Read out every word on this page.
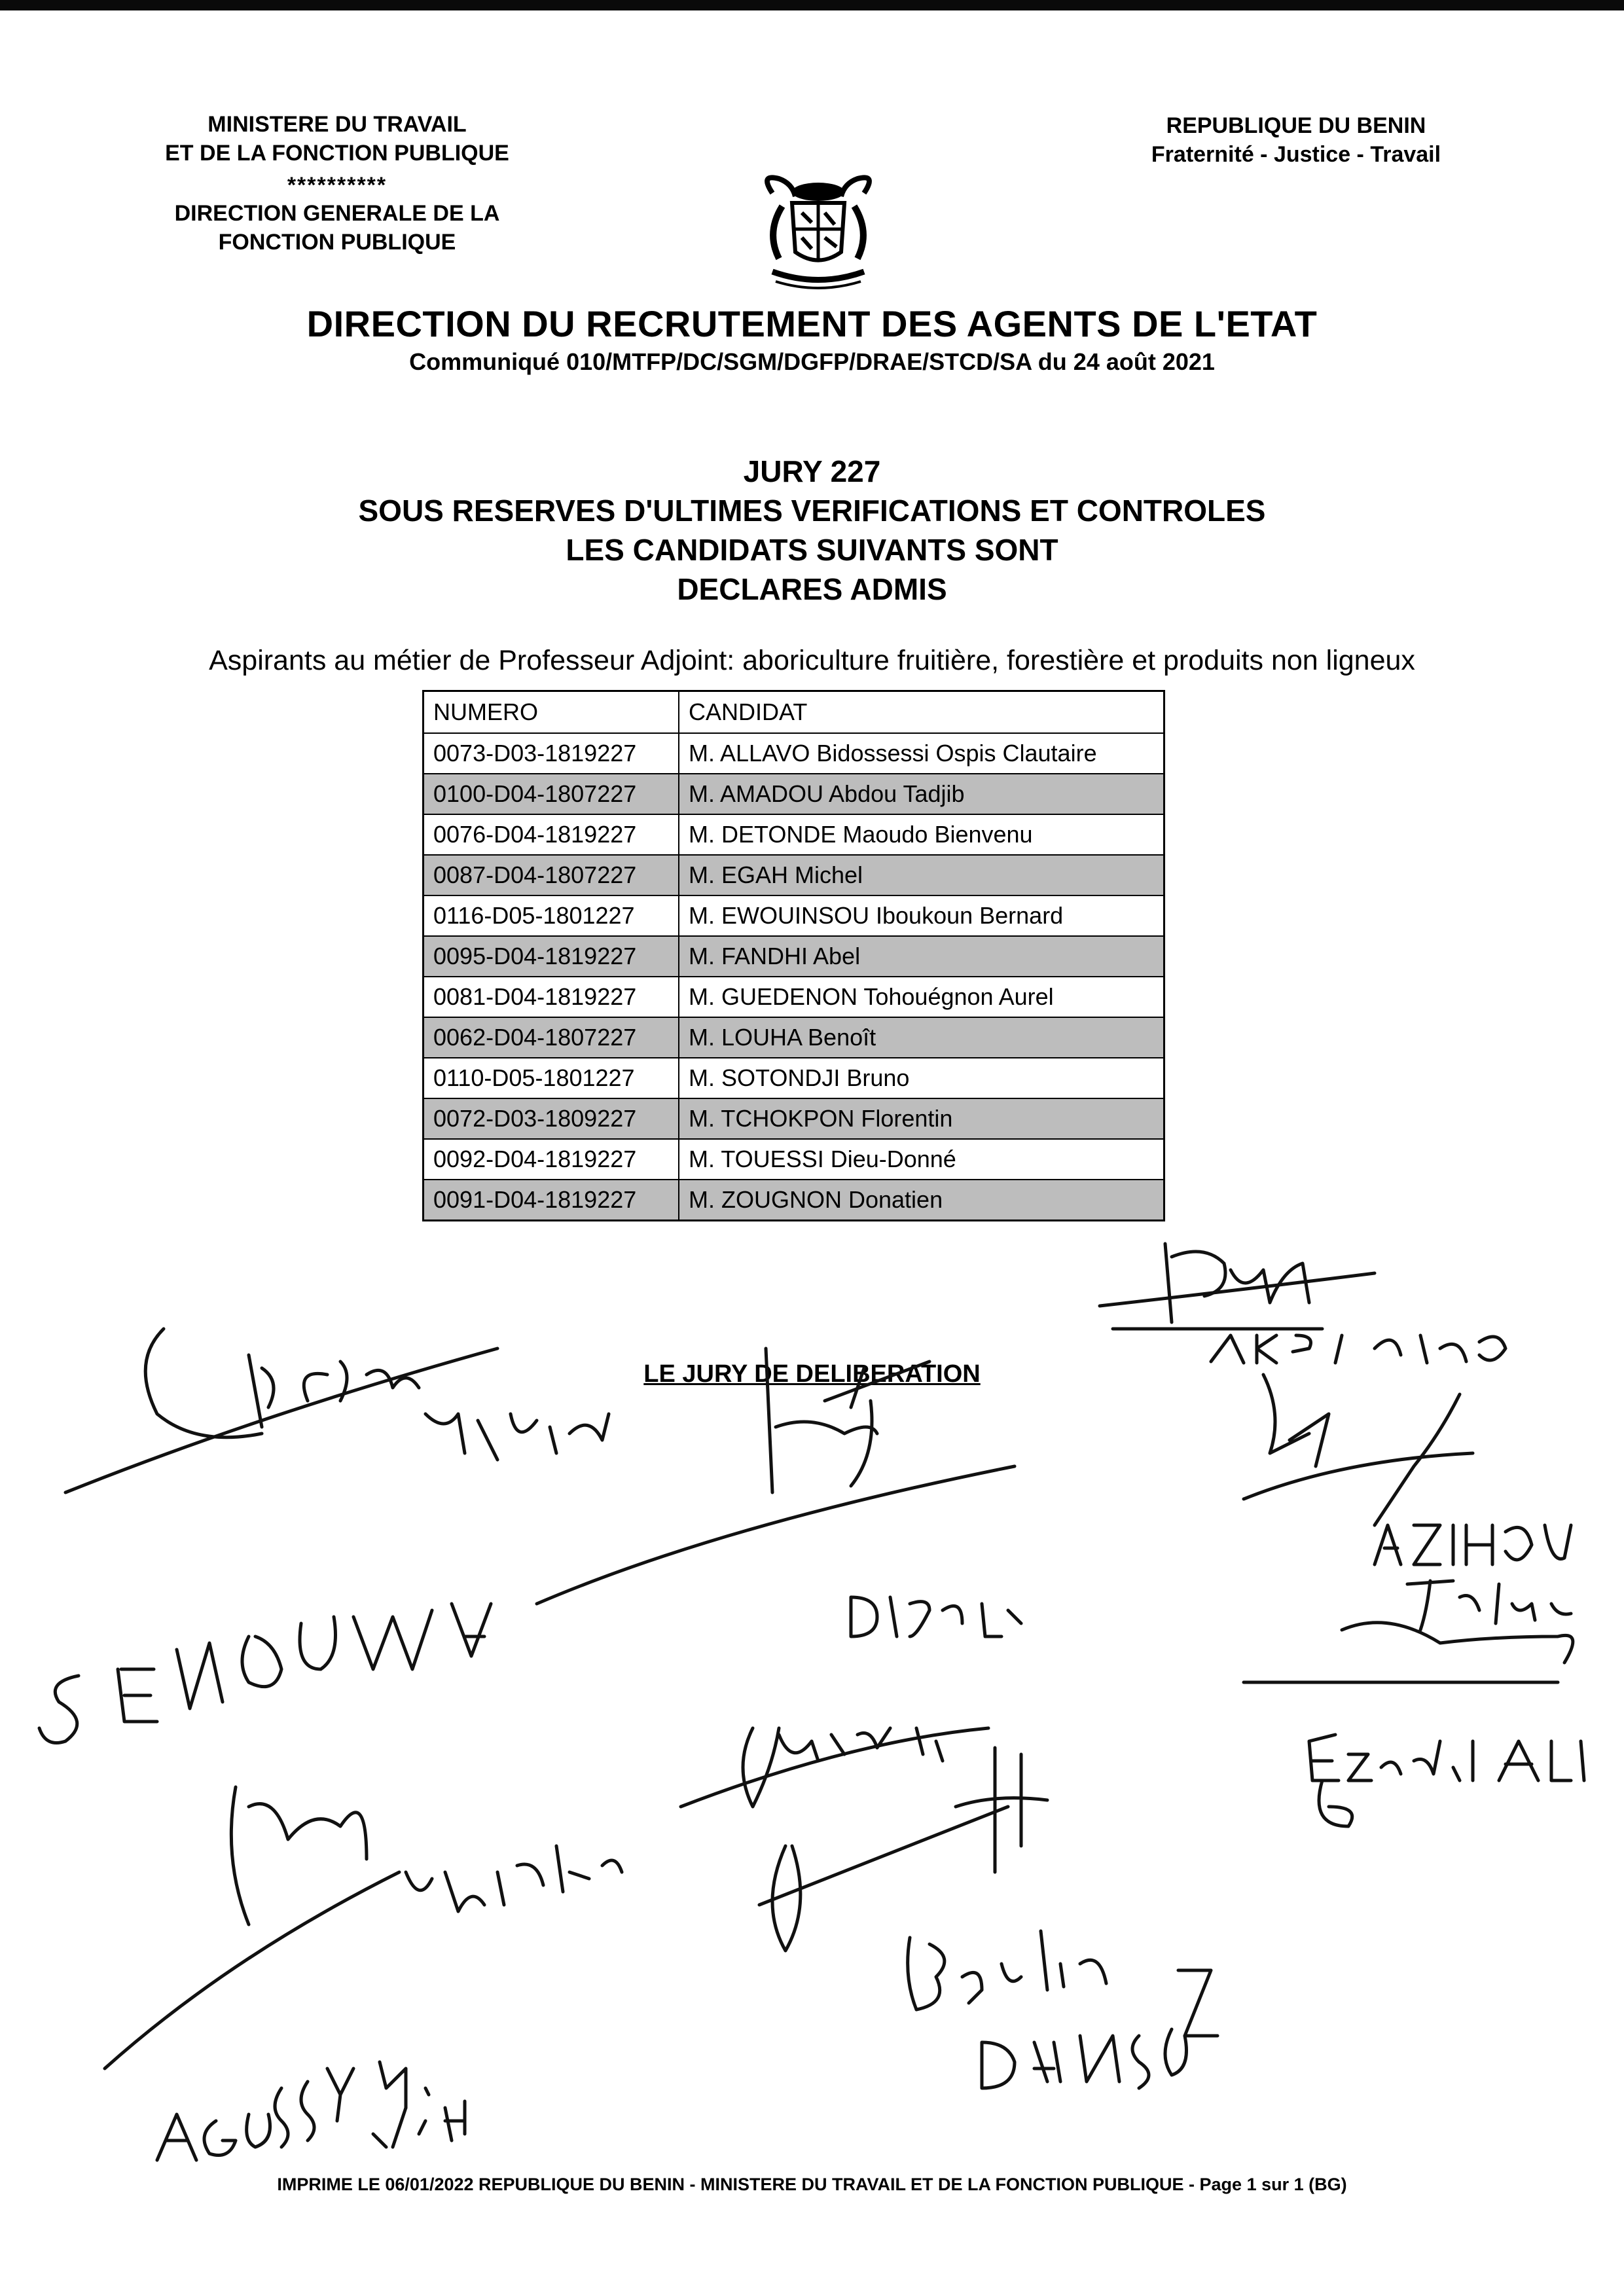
MINISTERE DU TRAVAIL
ET DE LA FONCTION PUBLIQUE
**********
DIRECTION GENERALE DE LA
FONCTION PUBLIQUE
REPUBLIQUE DU BENIN
Fraternité - Justice - Travail
DIRECTION DU RECRUTEMENT DES AGENTS DE L'ETAT
Communiqué 010/MTFP/DC/SGM/DGFP/DRAE/STCD/SA du 24 août 2021
JURY 227
SOUS RESERVES D'ULTIMES VERIFICATIONS ET CONTROLES
LES CANDIDATS SUIVANTS SONT
DECLARES ADMIS
Aspirants au métier de Professeur Adjoint: aboriculture fruitière, forestière et produits non ligneux
NUMERO	CANDIDAT
0073-D03-1819227	M. ALLAVO Bidossessi Ospis Clautaire
0100-D04-1807227	M. AMADOU Abdou Tadjib
0076-D04-1819227	M. DETONDE Maoudo Bienvenu
0087-D04-1807227	M. EGAH Michel
0116-D05-1801227	M. EWOUINSOU Iboukoun Bernard
0095-D04-1819227	M. FANDHI Abel
0081-D04-1819227	M. GUEDENON Tohouégnon Aurel
0062-D04-1807227	M. LOUHA Benoît
0110-D05-1801227	M. SOTONDJI Bruno
0072-D03-1809227	M. TCHOKPON Florentin
0092-D04-1819227	M. TOUESSI Dieu-Donné
0091-D04-1819227	M. ZOUGNON Donatien
LE JURY DE DELIBERATION
IMPRIME LE 06/01/2022 REPUBLIQUE DU BENIN - MINISTERE DU TRAVAIL ET DE LA FONCTION PUBLIQUE - Page 1 sur 1 (BG)
